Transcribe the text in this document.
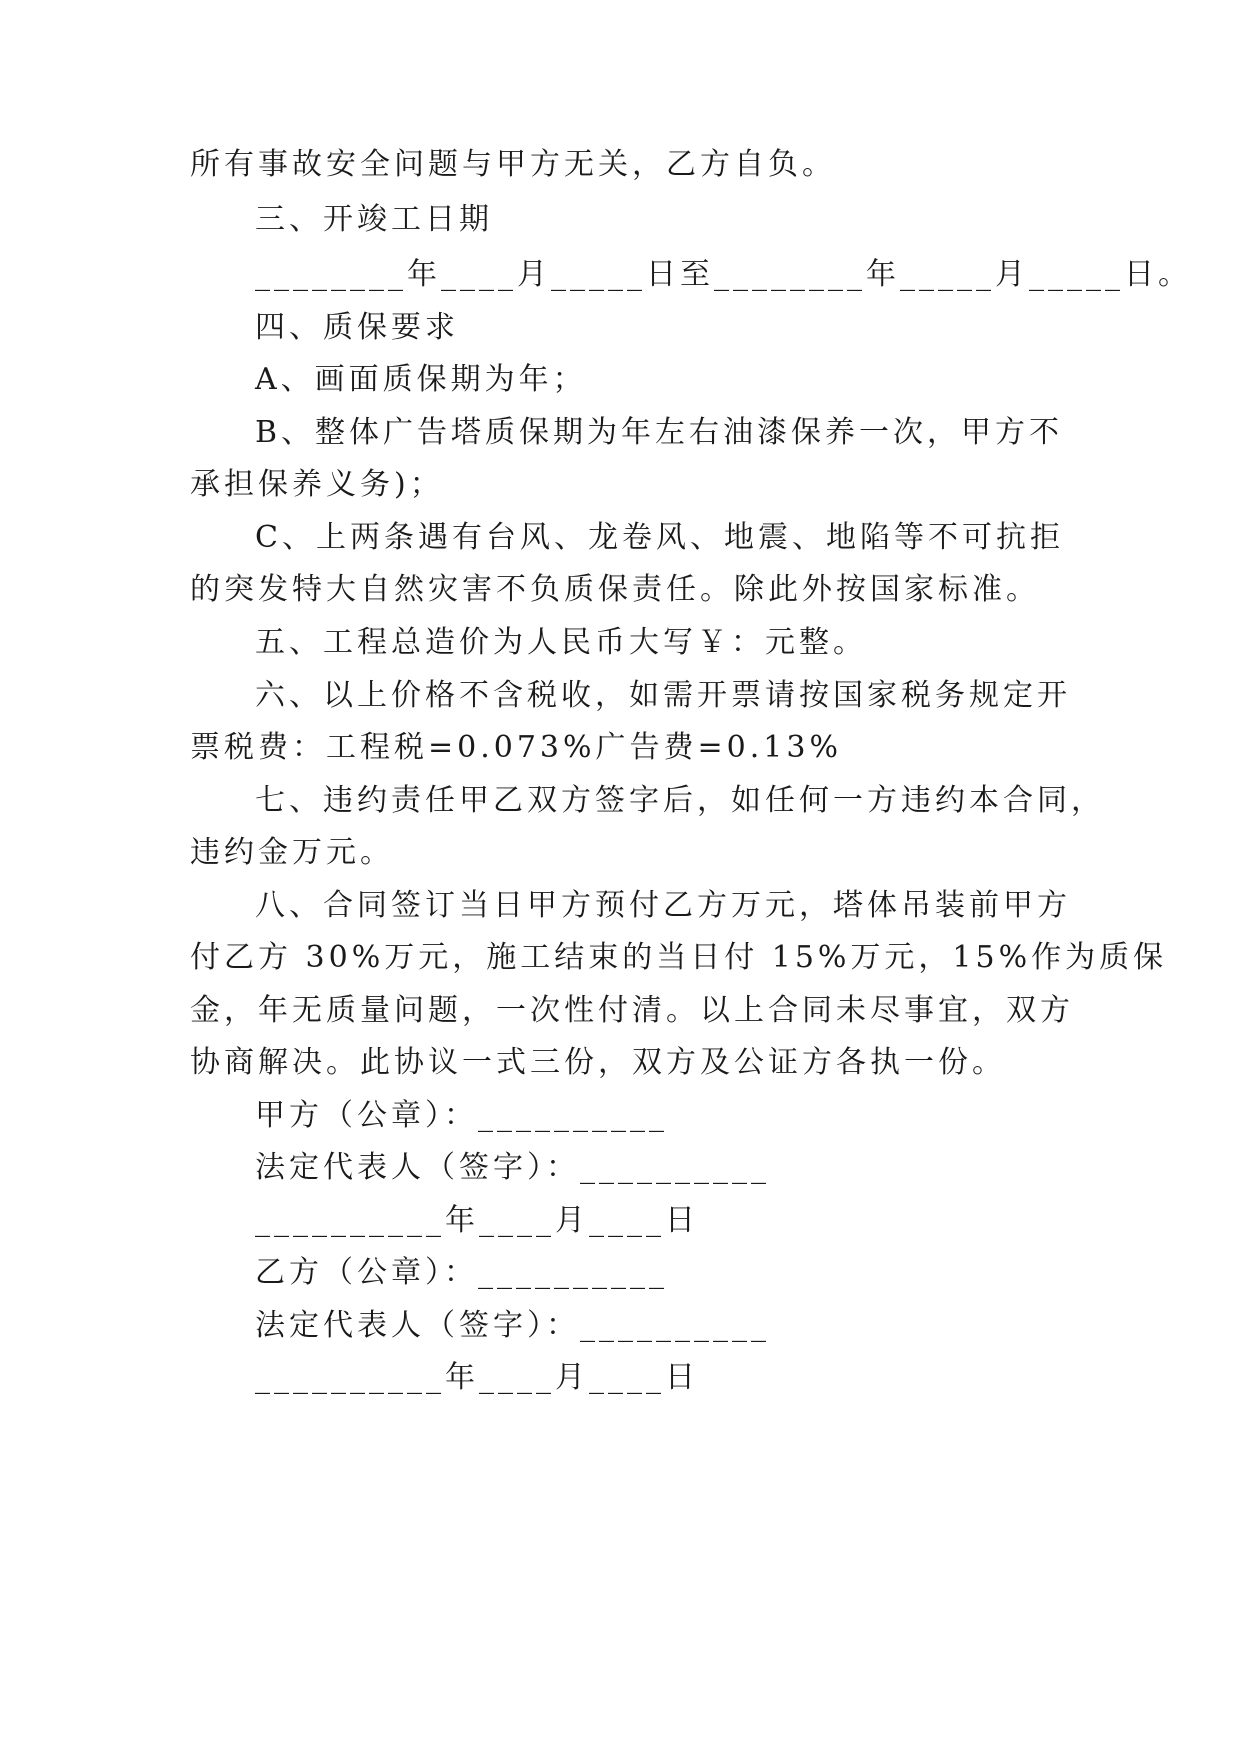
所有事故安全问题与甲方无关，乙方自负。
三、开竣工日期
________年____月_____日至________年_____月_____日。
四、质保要求
A、画面质保期为年；
B、整体广告塔质保期为年左右油漆保养一次，甲方不
承担保养义务)；
C、上两条遇有台风、龙卷风、地震、地陷等不可抗拒
的突发特大自然灾害不负质保责任。除此外按国家标准。
五、工程总造价为人民币大写￥：元整。
六、以上价格不含税收，如需开票请按国家税务规定开
票税费：工程税=0.073%广告费=0.13%
七、违约责任甲乙双方签字后，如任何一方违约本合同，
违约金万元。
八、合同签订当日甲方预付乙方万元，塔体吊装前甲方
付乙方 30%万元，施工结束的当日付 15%万元，15%作为质保
金，年无质量问题，一次性付清。以上合同未尽事宜，双方
协商解决。此协议一式三份，双方及公证方各执一份。
甲方（公章）：__________
法定代表人（签字）：__________
__________年____月____日
乙方（公章）：__________
法定代表人（签字）：__________
__________年____月____日
